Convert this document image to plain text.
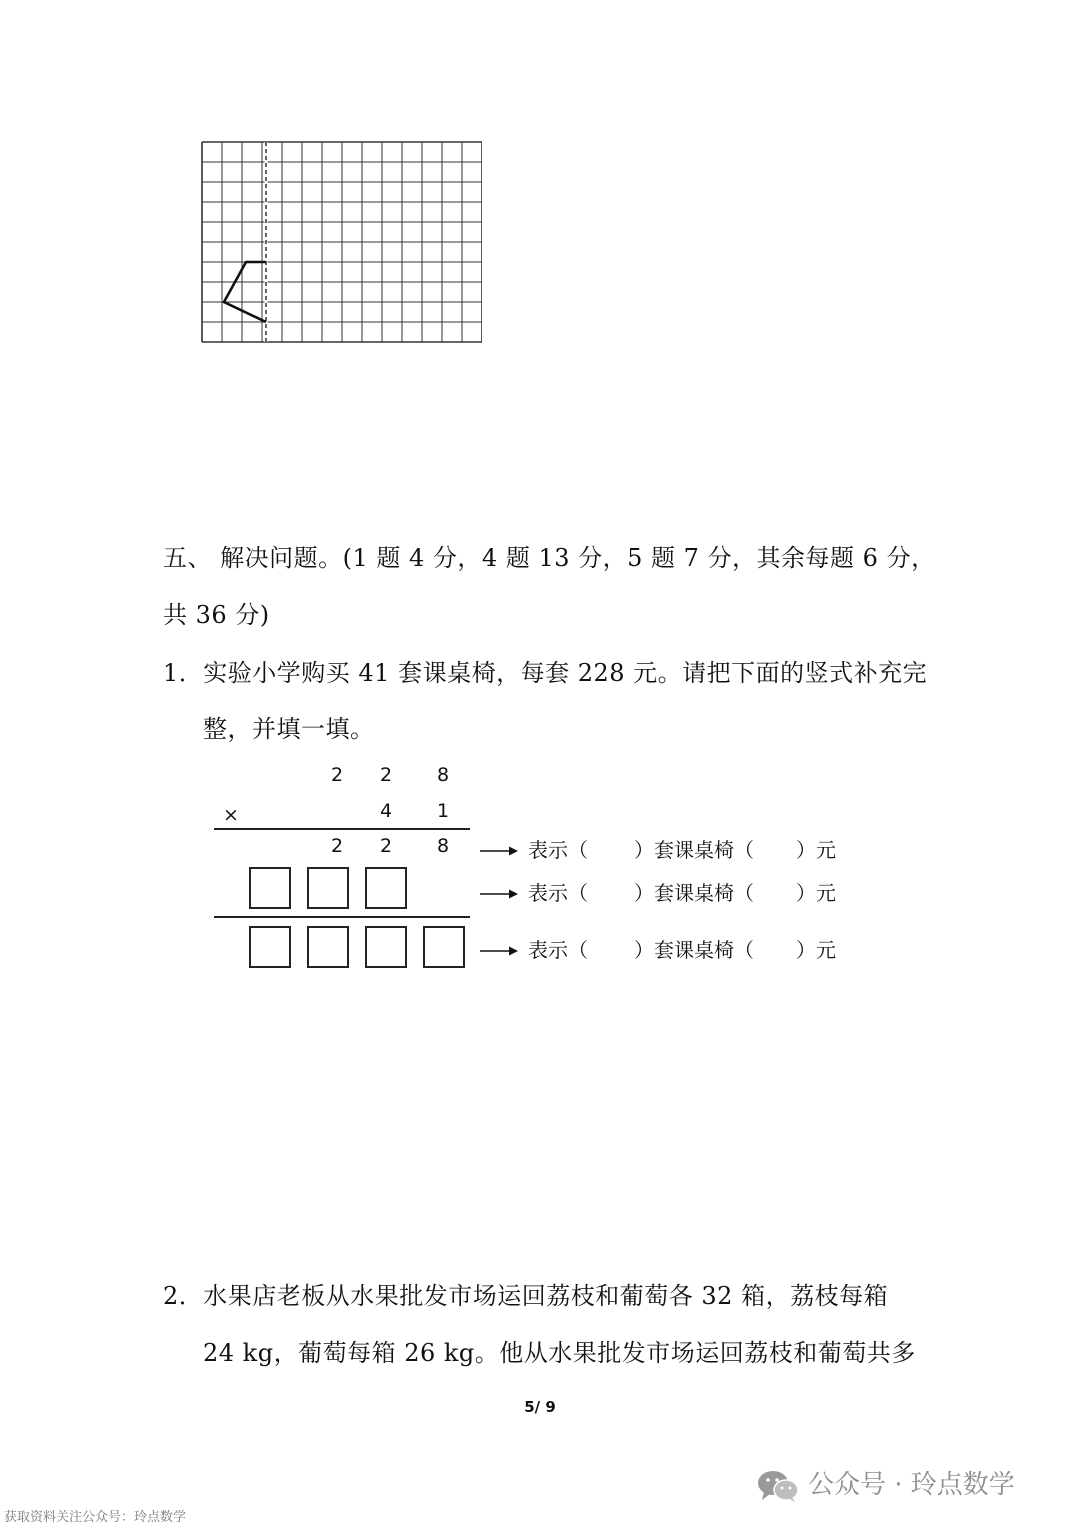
五、 解决问题。(1 题 4 分，4 题 13 分，5 题 7 分，其余每题 6 分，
共 36 分)
1．实验小学购买 41 套课桌椅，每套 228 元。请把下面的竖式补充完
整，并填一填。
2 2 8
×	4 1
2 2 8	表示（ ）套课桌椅（ ）元
表示（ ）套课桌椅（ ）元
表示（ ）套课桌椅（ ）元
2．水果店老板从水果批发市场运回荔枝和葡萄各 32 箱，荔枝每箱
24 kg，葡萄每箱 26 kg。他从水果批发市场运回荔枝和葡萄共多
5/ 9
公众号 · 玲点数学
获取资料关注公众号：玲点数学
